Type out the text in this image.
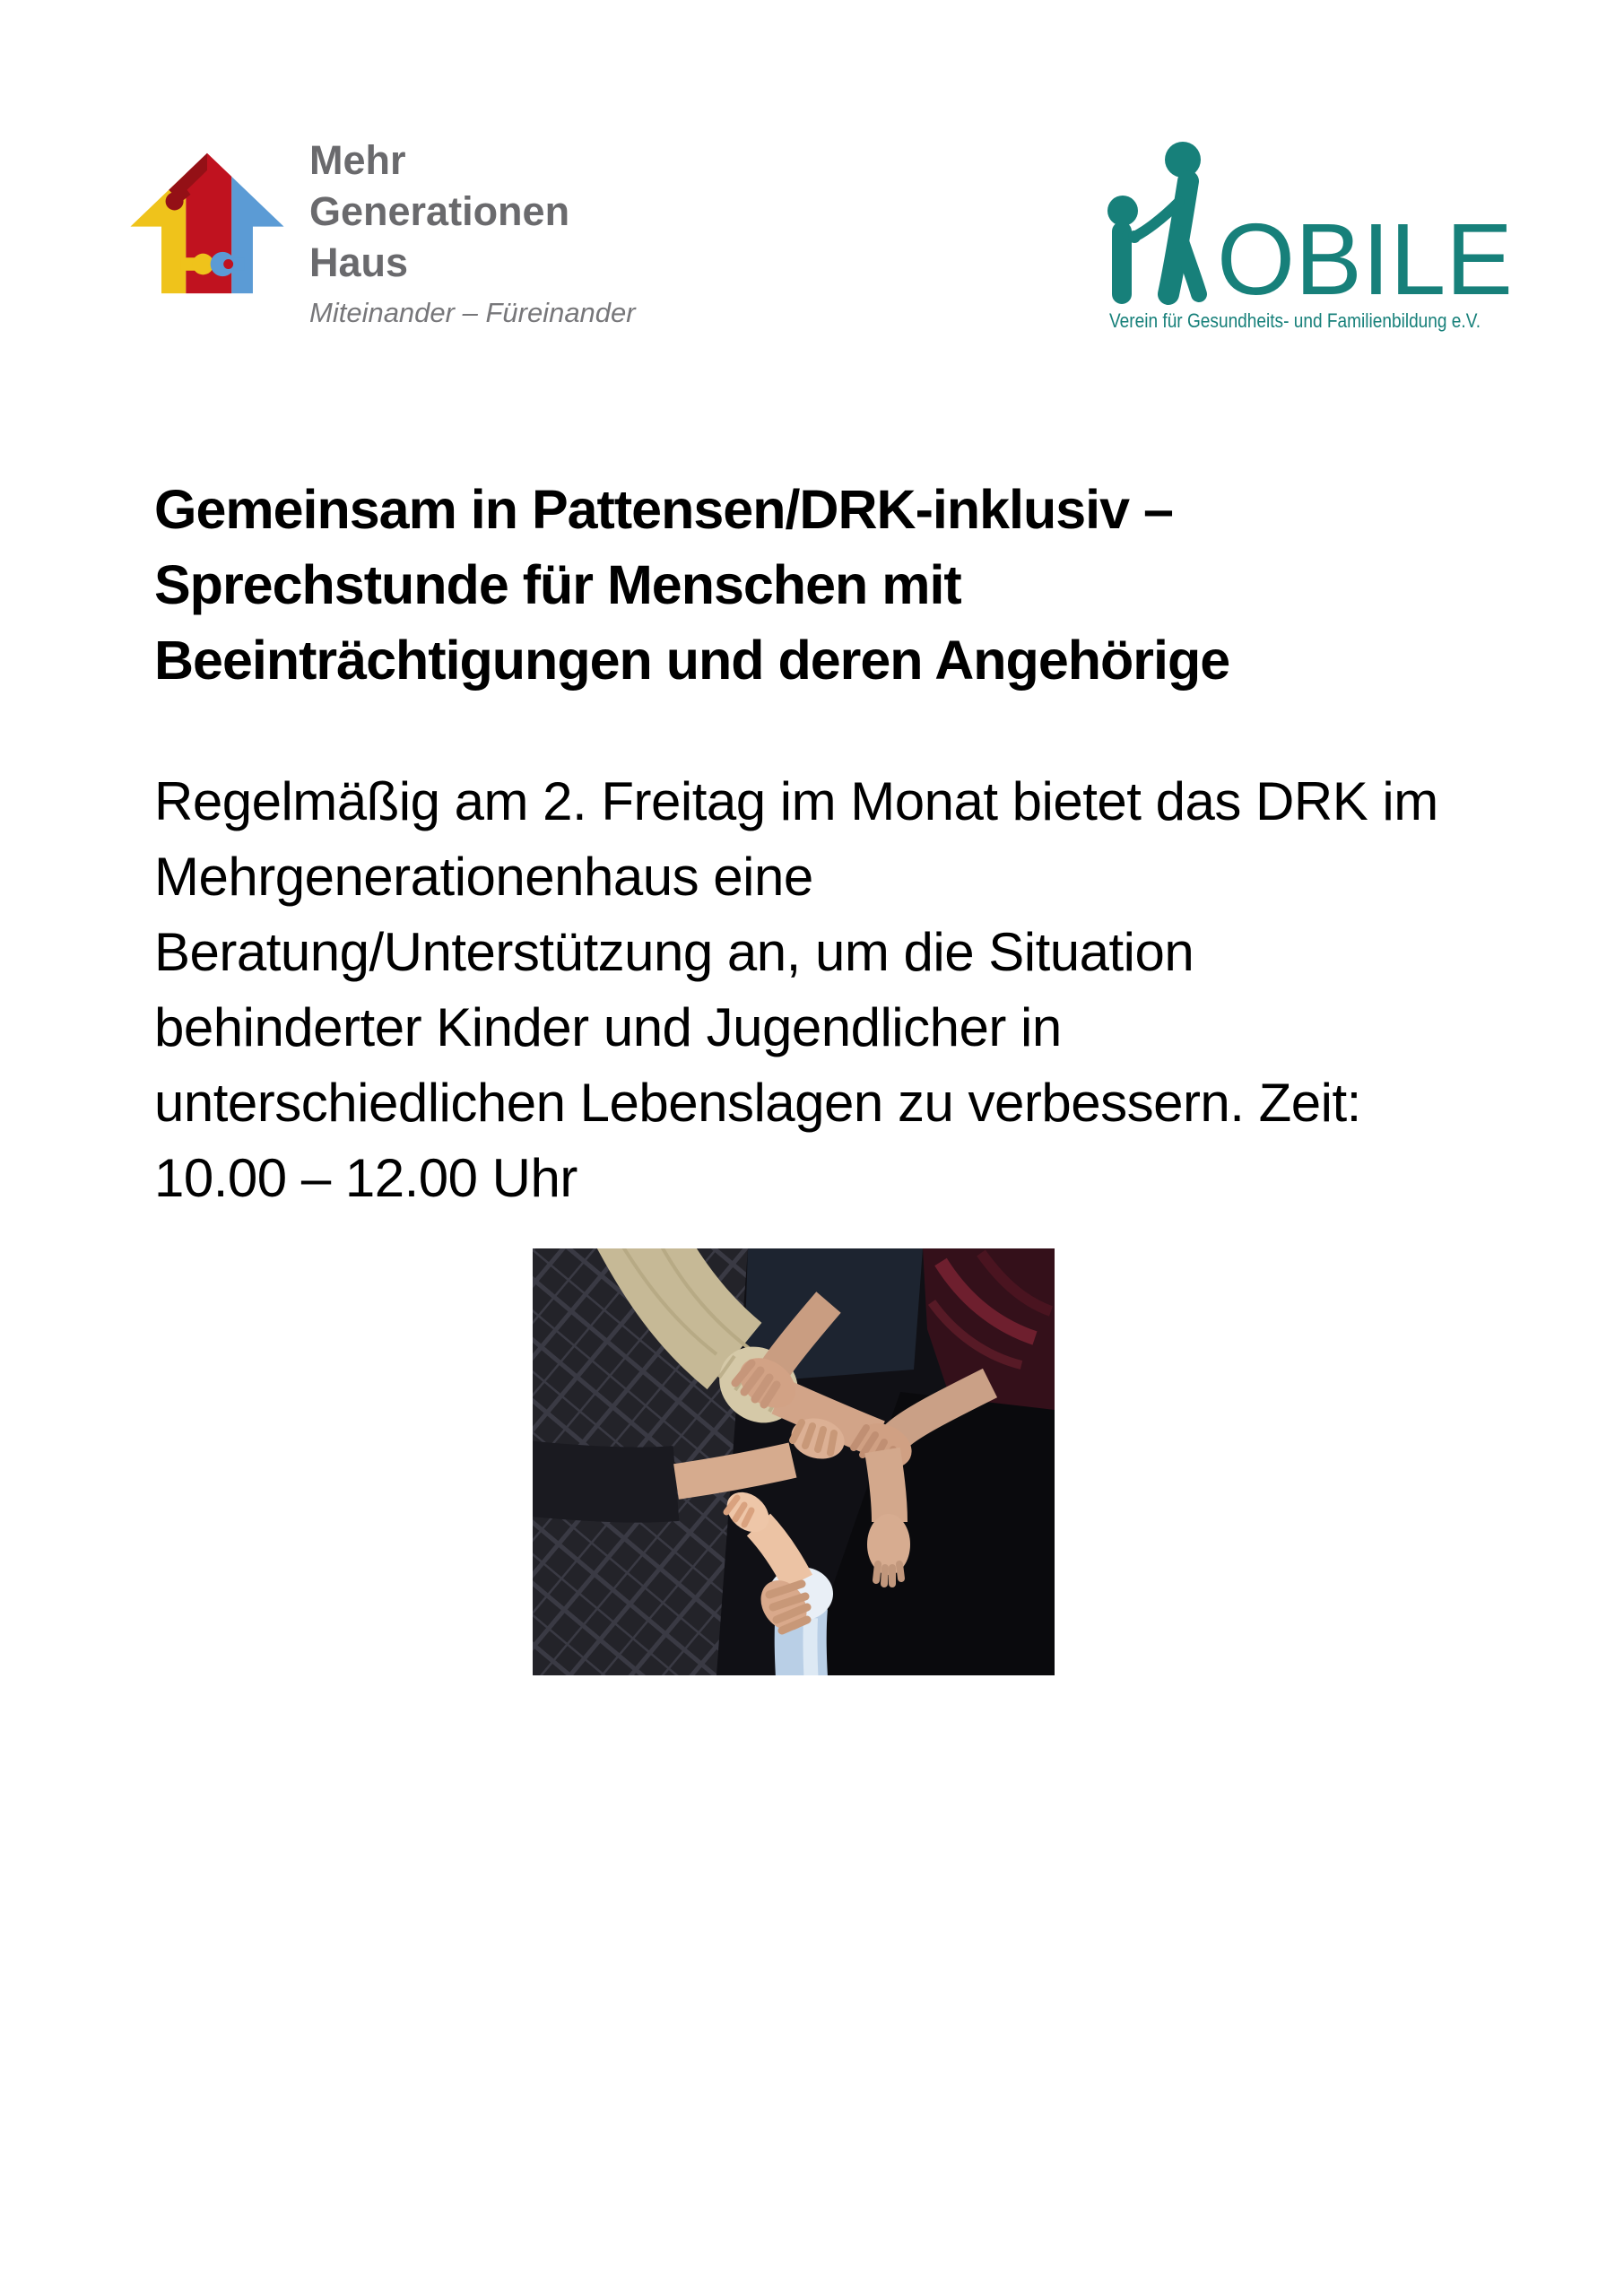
Mehr
Generationen
Haus
Miteinander – Füreinander	OBILE
Verein für Gesundheits- und Familienbildung e.V.
Gemeinsam in Pattensen/DRK-inklusiv –
Sprechstunde für Menschen mit
Beeinträchtigungen und deren Angehörige
Regelmäßig am 2. Freitag im Monat bietet das DRK im
Mehrgenerationenhaus eine
Beratung/Unterstützung an, um die Situation
behinderter Kinder und Jugendlicher in
unterschiedlichen Lebenslagen zu verbessern. Zeit:
10.00 – 12.00 Uhr
